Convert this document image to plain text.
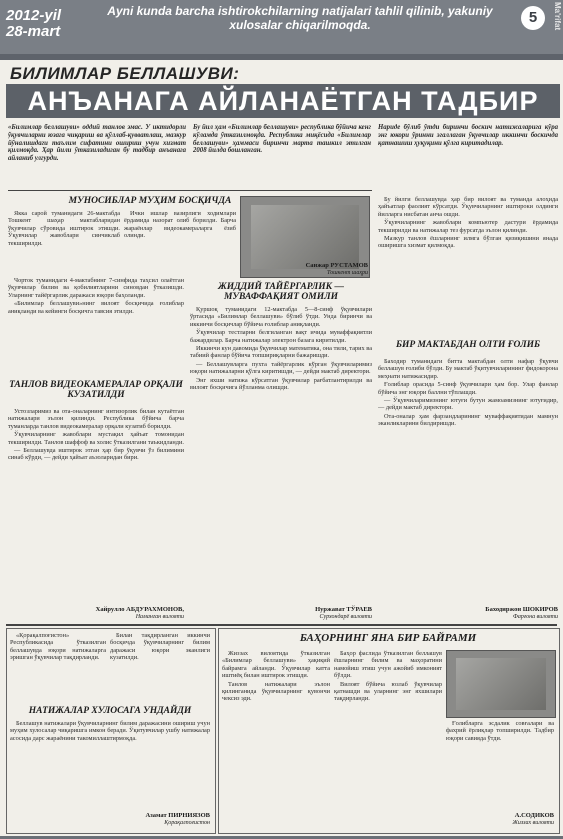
2012-yil
28-mart
Ayni kunda barcha ishtirokchilarning natijalari tahlil qilinib, yakuniy xulosalar chiqarilmoqda.	5	Ma'rifat
БИЛИМЛАР БЕЛЛАШУВИ:
АНЪАНАГА АЙЛАНАЁТГАН ТАДБИР
«Билимлар беллашуви» оддий танлов эмас. У иктидорли ўқувчиларни юзага чиқариш ва қўллаб-қувватлаш, мазкур йўналишдаги таълим сифатини ошириш учун хизмат қилмоқда. Ҳар йили ўтказиладиган бу тадбир анъанага айланиб улгурди.
Бу йил ҳам «Билимлар беллашуви» республика бўйича кенг кўламда ўтказилмоқда. Республика миқёсида «Билимлар беллашуви» ҳаммаси биринчи марта ташкил этилган 2008 йилда бошланган.
Нариде бўлиб ўтди биринчи боскич натижаларига кўра энг юкори ўринни эгаллаган ўқувчилар иккинчи боскичда қатнашиш ҳуқуқини қўлга киритадилар.
МУНОСИБЛАР МУҲИМ БОСҚИЧДА

Якка сарой туманидаги 26-мактабда Тошкент шаҳар мактабларидан ўқувчилар сўровида иштирок этишди. Ўқувчилар жавоблари синчиклаб текширилди.

Ички ишлар вазирлиги ходимлари ёрдамида назорат олиб борилди. Барча жараёнлар видеокамераларга ёзиб олинди.

Чорток туманидаги 4-мактабнинг 7-синфида таҳсил олаётган ўқувчилар билим ва қобилиятларини синовдан ўтказишди. Уларнинг тайёргарлик даражаси юқори баҳоланди.

«Билимлар беллашуви»нинг вилоят босқичида ғолиблар аниқланди ва кейинги босқичга тавсия этилди.

ТАНЛОВ ВИДЕОКАМЕРАЛАР ОРҚАЛИ КУЗАТИЛДИ

Устозларимиз ва ота-оналарнинг интизорлик билан кутаётган натижалари эълон қилинди. Республика бўйича барча туманларда танлов видеокамералар орқали кузатиб борилди.

Ўқувчиларнинг жавоблари мустақил ҳайъат томонидан текширилди. Танлов шаффоф ва холис ўтказилгани таъкидланди.

— Беллашувда иштирок этган ҳар бир ўқувчи ўз билимини синаб кўрди, — дейди ҳайъат аъзоларидан бири.

Хайрулло АБДУРАХМОНОВ,
Наманган вилояти
Санжар РУСТАМОВ
Тошкент шаҳри
ЖИДДИЙ ТАЙЁРГАРЛИК — МУВАФФАҚИЯТ ОМИЛИ

Қуршоқ туманидаги 12-мактабда 5—8-синф ўқувчилари ўртасида «Билимлар беллашуви» бўлиб ўтди. Унда биринчи ва иккинчи босқичлар бўйича ғолиблар аниқланди.

Ўқувчилар тестларни белгиланган вақт ичида муваффақиятли бажардилар. Барча натижалар электрон базага киритилди.

Иккинчи кун давомида ўқувчилар математика, она тили, тарих ва табиий фанлар бўйича топшириқларни бажаришди.

— Беллашувларга пухта тайёргарлик кўрган ўқувчиларимиз юқори натижаларни қўлга киритишди, — дейди мактаб директори.

Энг яхши натижа кўрсатган ўқувчилар рағбатлантирилди ва вилоят босқичига йўлланма олишди.

Нуржават ТЎРАЕВ
Сурхондарё вилояти

Бу йилги беллашувда ҳар бир вилоят ва туманда алоҳида ҳайъатлар фаолият кўрсатди. Ўқувчиларнинг иштироки олдинги йилларга нисбатан анча ошди.

Ўқувчиларнинг жавоблари компьютер дастури ёрдамида текширилди ва натижалар тез фурсатда эълон қилинди.

Мазкур танлов ёшларнинг илмга бўлган қизиқишини янада оширишга хизмат қилмоқда.

БИР МАКТАБДАН ОЛТИ ҒОЛИБ

Баходир туманидаги битта мактабдан олти нафар ўқувчи беллашув ғолиби бўлди. Бу мактаб ўқитувчиларининг фидокорона меҳнати натижасидир.

Ғолиблар орасида 5-синф ўқувчилари ҳам бор. Улар фанлар бўйича энг юқори баллни тўплашди.

— Ўқувчиларимизнинг ютуғи бутун жамоамизнинг ютуғидир, — дейди мактаб директори.

Ота-оналар ҳам фарзандларининг муваффақиятидан мамнун эканликларини билдиришди.

Баходиржон ШОКИРОВ
Фарғона вилояти

«Қорақалпоғистон» Республикасида ўтказилган беллашувда юқори натижаларга эришган ўқувчилар тақдирланди.

Билан тақдирланган иккинчи босқичда ўқувчиларнинг билим даражаси юқори эканлиги кузатилди.

НАТИЖАЛАР ХУЛОСАГА УНДАЙДИ

Беллашув натижалари ўқувчиларнинг билим даражасини ошириш учун муҳим хулосалар чиқаришга имкон беради. Ўқитувчилар ушбу натижалар асосида дарс жараёнини такомиллаштирмоқда.

Азамат ПИРНИЯЗОВ
Қорақалпоғистон
БАҲОРНИНГ ЯНА БИР БАЙРАМИ

Жиззах вилоятида ўтказилган «Билимлар беллашуви» ҳақиқий байрамга айланди. Ўқувчилар катта иштиёқ билан иштирок этишди.

Танлов натижалари эълон қилинганида ўқувчиларнинг қувончи чексиз эди.

Баҳор фаслида ўтказилган беллашув ёшларнинг билим ва маҳоратини намойиш этиш учун ажойиб имконият бўлди.

Вилоят бўйича юзлаб ўқувчилар қатнашди ва уларнинг энг яхшилари тақдирланди.

Ғолибларга эсдалик совғалари ва фахрий ёрлиқлар топширилди. Тадбир юқори савияда ўтди.

А.СОДИКОВ
Жиззах вилояти
